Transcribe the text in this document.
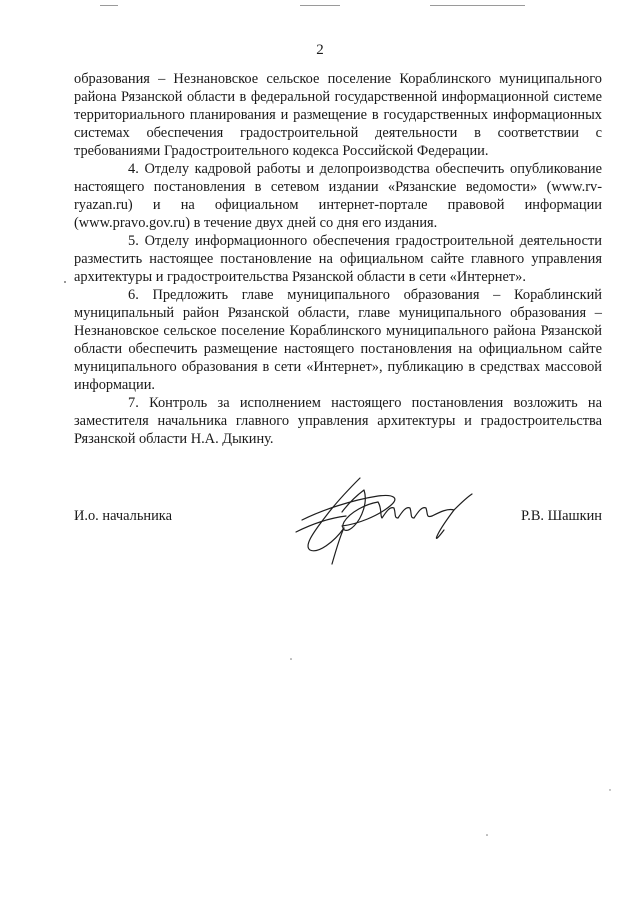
2

образования – Незнановское сельское поселение Кораблинского муниципального района Рязанской области в федеральной государственной информационной системе территориального планирования и размещение в государственных информационных системах обеспечения градостроительной деятельности в соответствии с требованиями Градостроительного кодекса Российской Федерации.

4. Отделу кадровой работы и делопроизводства обеспечить опубликование настоящего постановления в сетевом издании «Рязанские ведомости» (www.rv-ryazan.ru) и на официальном интернет-портале правовой информации (www.pravo.gov.ru) в течение двух дней со дня его издания.

5. Отделу информационного обеспечения градостроительной деятельности разместить настоящее постановление на официальном сайте главного управления архитектуры и градостроительства Рязанской области в сети «Интернет».

6. Предложить главе муниципального образования – Кораблинский муниципальный район Рязанской области, главе муниципального образования – Незнановское сельское поселение Кораблинского муниципального района Рязанской области обеспечить размещение настоящего постановления на официальном сайте муниципального образования в сети «Интернет», публикацию в средствах массовой информации.

7. Контроль за исполнением настоящего постановления возложить на заместителя начальника главного управления архитектуры и градостроительства Рязанской области Н.А. Дыкину.

И.о. начальника	Р.В. Шашкин
